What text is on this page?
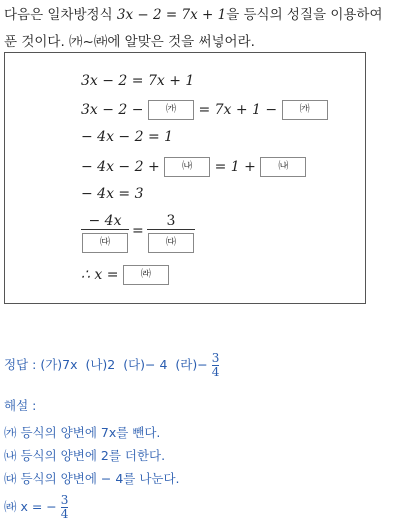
다음은 일차방정식 3x − 2 = 7x + 1을 등식의 성질을 이용하여
푼 것이다. ㈎~㈑에 알맞은 것을 써넣어라.
3x − 2 = 7x + 1
3x − 2 − ㈎ = 7x + 1 − ㈎
− 4x − 2 = 1
− 4x − 2 + ㈏ = 1 + ㈏
− 4x = 3
− 4x
㈐
=
3
㈐
∴ x = ㈑
정답 : (가)7x (나)2 (다)− 4 (라)− $\frac{3}{4}$
해설 :
㈎ 등식의 양변에 7x를 뺀다.
㈏ 등식의 양변에 2를 더한다.
㈐ 등식의 양변에 − 4를 나눈다.
㈑ x = − $\frac{3}{4}$
